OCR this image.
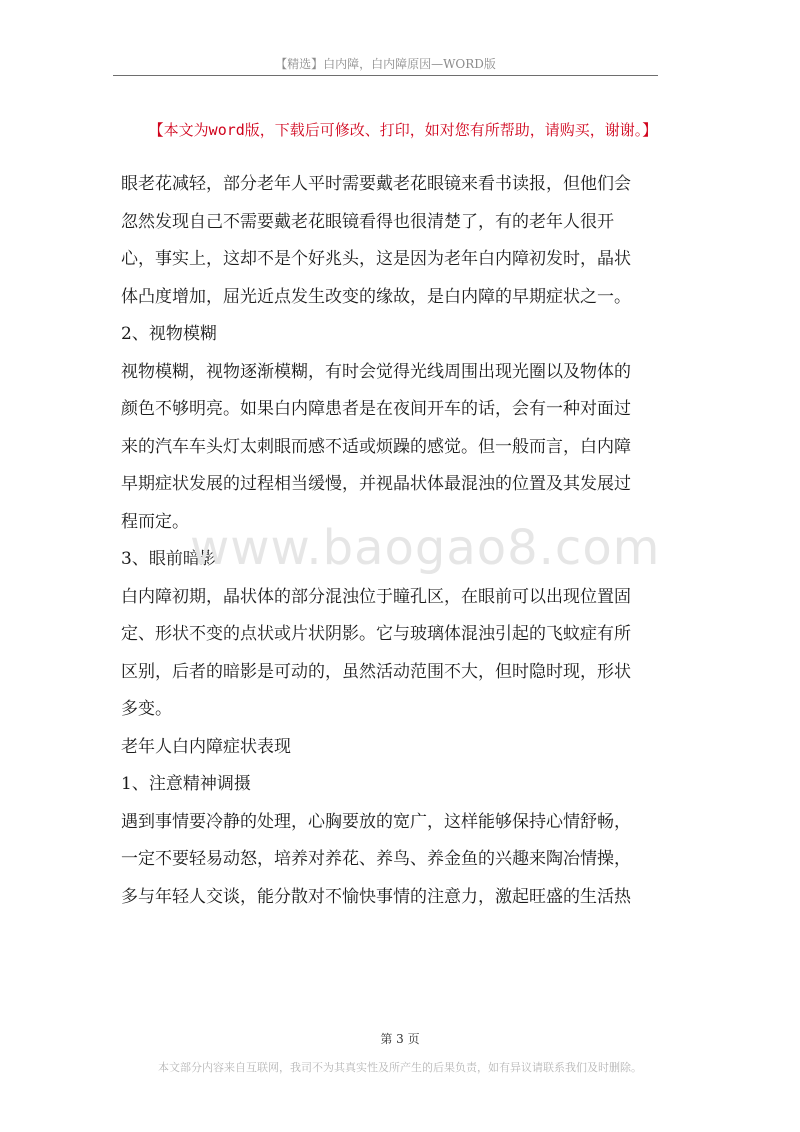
【精选】白内障，白内障原因—WORD版
【本文为word版，下载后可修改、打印，如对您有所帮助，请购买，谢谢。】
眼老花减轻，部分老年人平时需要戴老花眼镜来看书读报，但他们会
忽然发现自己不需要戴老花眼镜看得也很清楚了，有的老年人很开
心，事实上，这却不是个好兆头，这是因为老年白内障初发时，晶状
体凸度增加，屈光近点发生改变的缘故，是白内障的早期症状之一。
2、视物模糊
视物模糊，视物逐渐模糊，有时会觉得光线周围出现光圈以及物体的
颜色不够明亮。如果白内障患者是在夜间开车的话，会有一种对面过
来的汽车车头灯太刺眼而感不适或烦躁的感觉。但一般而言，白内障
早期症状发展的过程相当缓慢，并视晶状体最混浊的位置及其发展过
程而定。
3、眼前暗影
白内障初期，晶状体的部分混浊位于瞳孔区，在眼前可以出现位置固
定、形状不变的点状或片状阴影。它与玻璃体混浊引起的飞蚊症有所
区别，后者的暗影是可动的，虽然活动范围不大，但时隐时现，形状
多变。
老年人白内障症状表现
1、注意精神调摄
遇到事情要冷静的处理，心胸要放的宽广，这样能够保持心情舒畅，
一定不要轻易动怒，培养对养花、养鸟、养金鱼的兴趣来陶冶情操，
多与年轻人交谈，能分散对不愉快事情的注意力，激起旺盛的生活热
www.baogao8.com
第 3 页
本文部分内容来自互联网，我司不为其真实性及所产生的后果负责，如有异议请联系我们及时删除。
